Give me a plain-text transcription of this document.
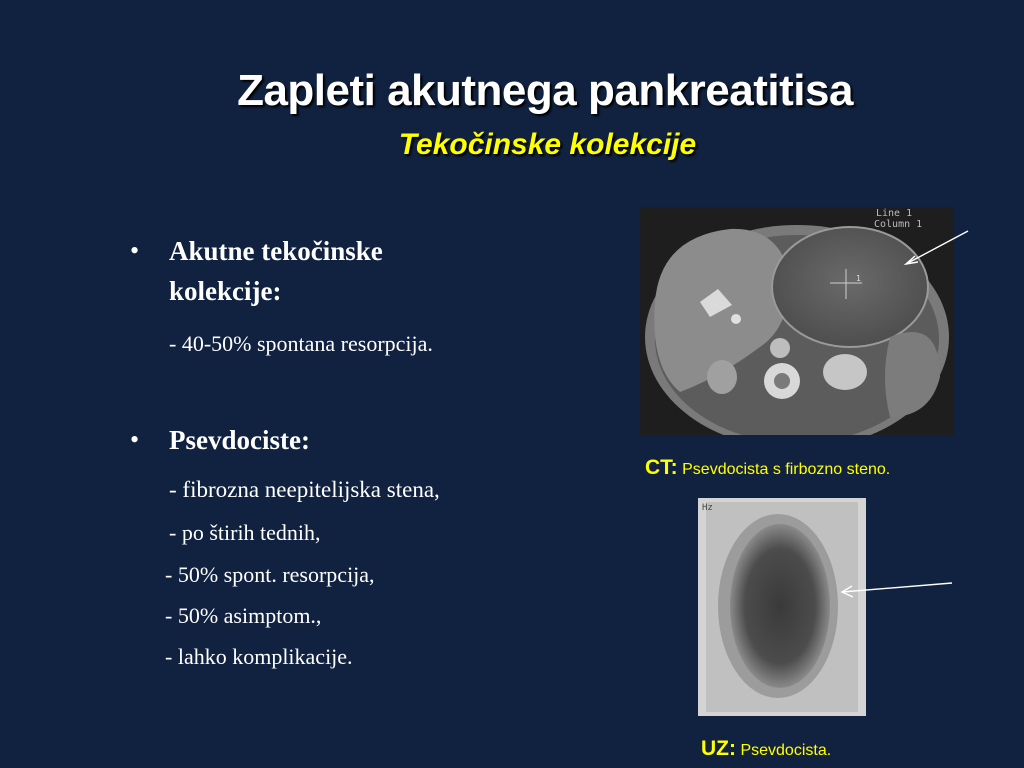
Zapleti akutnega pankreatitisa
Tekočinske kolekcije
• Akutne tekočinske
kolekcije:
- 40-50% spontana resorpcija.
• Psevdociste:
- fibrozna neepitelijska stena,
- po štirih tednih,
- 50% spont. resorpcija,
- 50% asimptom.,
- lahko komplikacije.
1
Line 1
Column 1
CT: Psevdocista s firbozno steno.
Hz
UZ: Psevdocista.
